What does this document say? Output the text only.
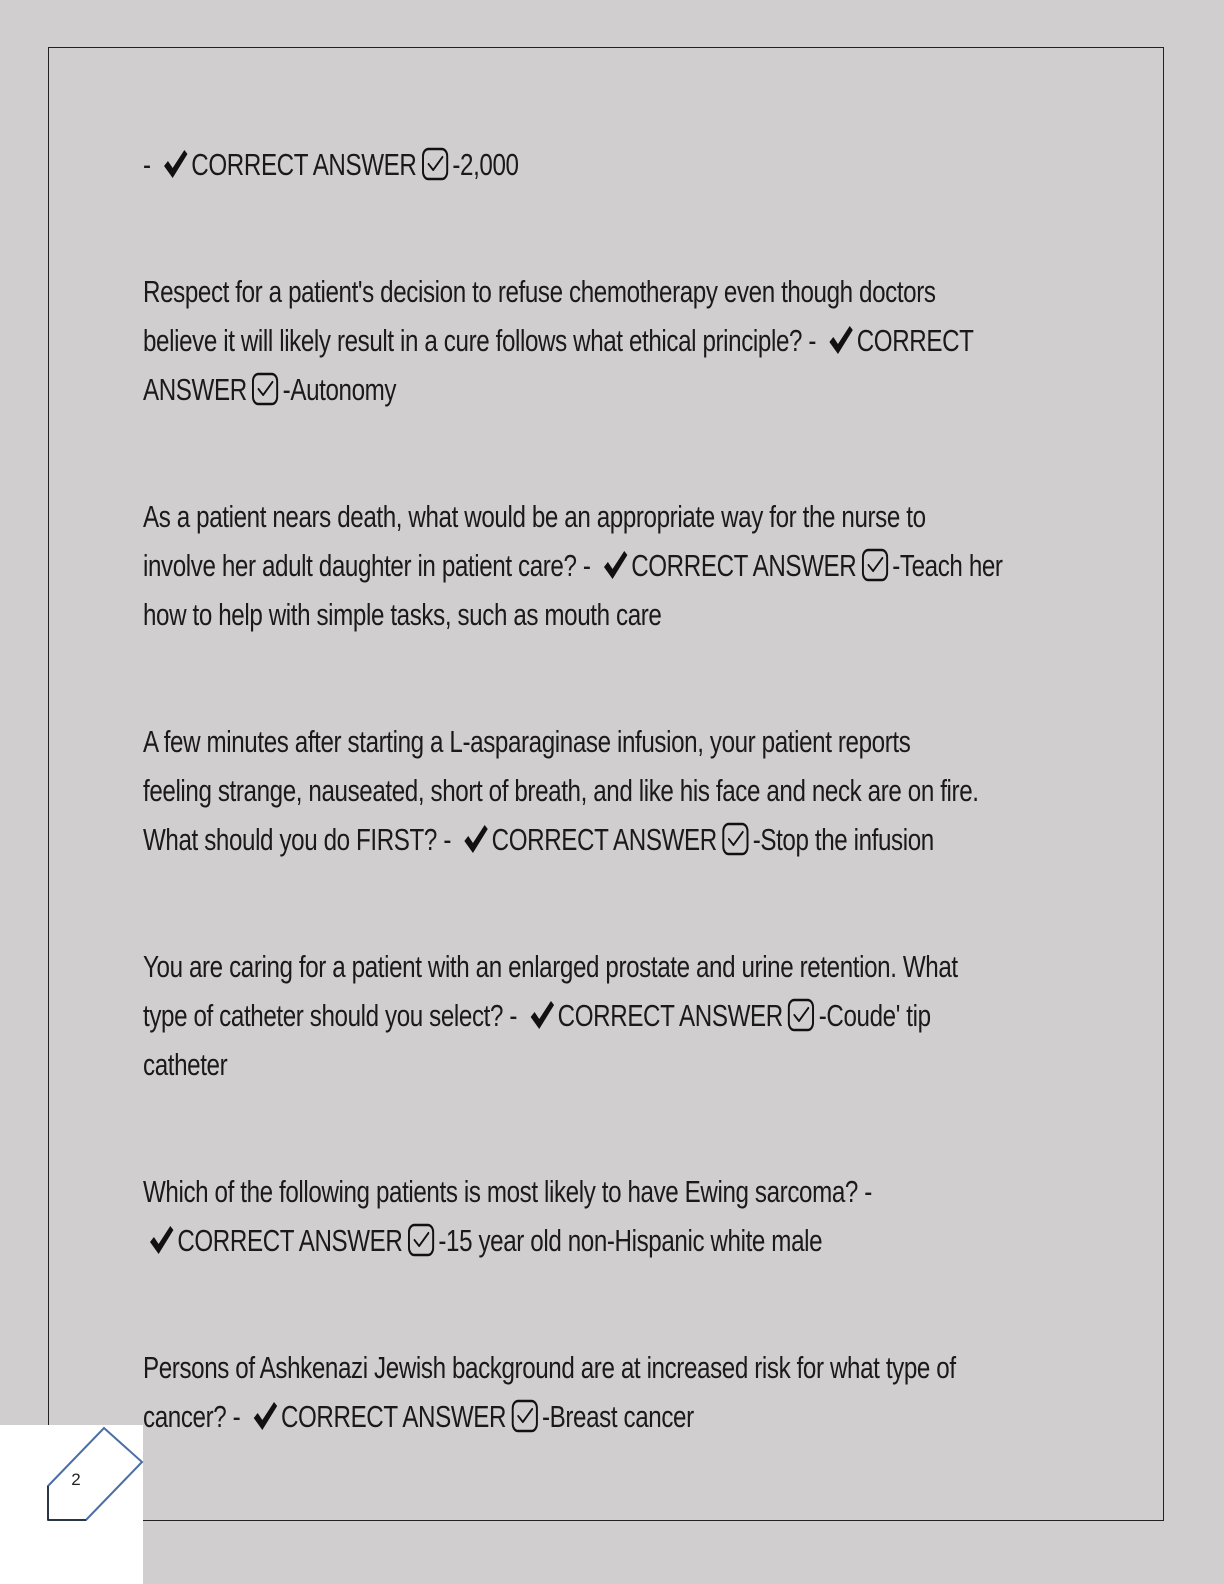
- CORRECT ANSWER -2,000
Respect for a patient's decision to refuse chemotherapy even though doctors
believe it will likely result in a cure follows what ethical principle? - CORRECT
ANSWER -Autonomy
As a patient nears death, what would be an appropriate way for the nurse to
involve her adult daughter in patient care? - CORRECT ANSWER -Teach her
how to help with simple tasks, such as mouth care
A few minutes after starting a L-asparaginase infusion, your patient reports
feeling strange, nauseated, short of breath, and like his face and neck are on fire.
What should you do FIRST? - CORRECT ANSWER -Stop the infusion
You are caring for a patient with an enlarged prostate and urine retention. What
type of catheter should you select? - CORRECT ANSWER -Coude' tip
catheter
Which of the following patients is most likely to have Ewing sarcoma? -
CORRECT ANSWER -15 year old non-Hispanic white male
Persons of Ashkenazi Jewish background are at increased risk for what type of
cancer? - CORRECT ANSWER -Breast cancer
2
